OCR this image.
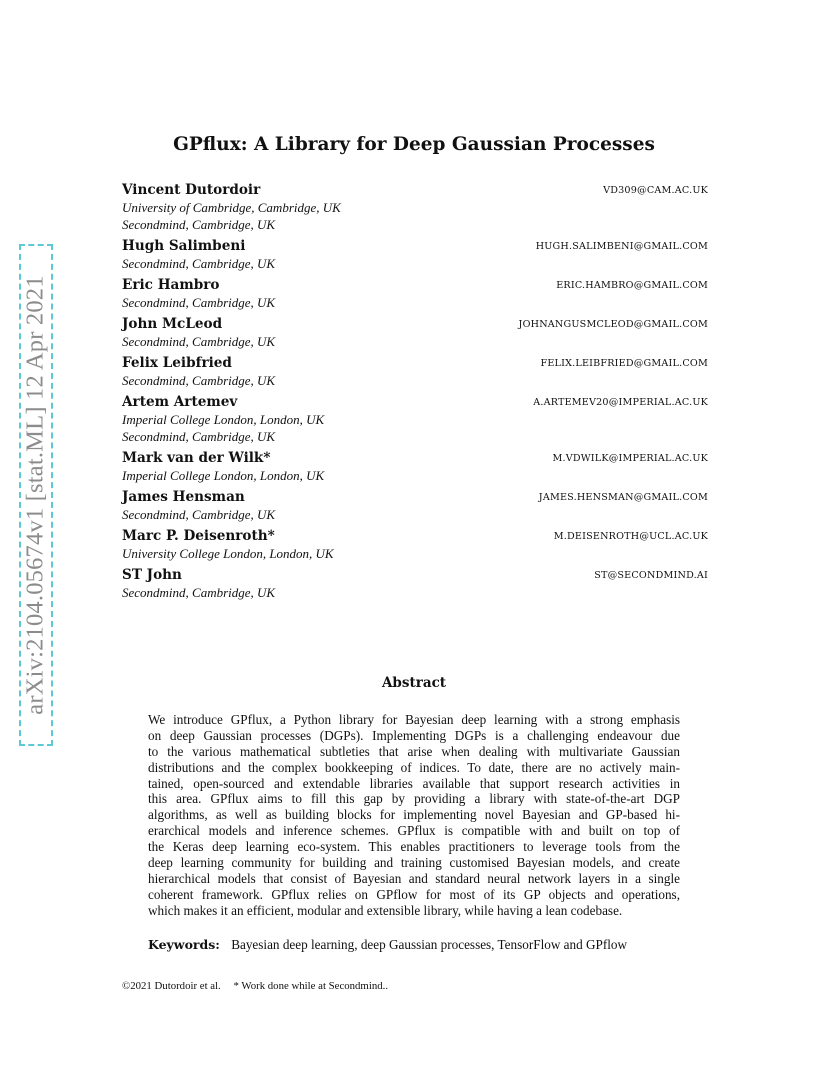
arXiv:2104.05674v1 [stat.ML] 12 Apr 2021
GPflux: A Library for Deep Gaussian Processes
Vincent Dutordoir	VD309@CAM.AC.UK
University of Cambridge, Cambridge, UK
Secondmind, Cambridge, UK
Hugh Salimbeni	HUGH.SALIMBENI@GMAIL.COM
Secondmind, Cambridge, UK
Eric Hambro	ERIC.HAMBRO@GMAIL.COM
Secondmind, Cambridge, UK
John McLeod	JOHNANGUSMCLEOD@GMAIL.COM
Secondmind, Cambridge, UK
Felix Leibfried	FELIX.LEIBFRIED@GMAIL.COM
Secondmind, Cambridge, UK
Artem Artemev	A.ARTEMEV20@IMPERIAL.AC.UK
Imperial College London, London, UK
Secondmind, Cambridge, UK
Mark van der Wilk*	M.VDWILK@IMPERIAL.AC.UK
Imperial College London, London, UK
James Hensman	JAMES.HENSMAN@GMAIL.COM
Secondmind, Cambridge, UK
Marc P. Deisenroth*	M.DEISENROTH@UCL.AC.UK
University College London, London, UK
ST John	ST@SECONDMIND.AI
Secondmind, Cambridge, UK
Abstract
We introduce GPflux, a Python library for Bayesian deep learning with a strong emphasis
on deep Gaussian processes (DGPs). Implementing DGPs is a challenging endeavour due
to the various mathematical subtleties that arise when dealing with multivariate Gaussian
distributions and the complex bookkeeping of indices. To date, there are no actively main-
tained, open-sourced and extendable libraries available that support research activities in
this area. GPflux aims to fill this gap by providing a library with state-of-the-art DGP
algorithms, as well as building blocks for implementing novel Bayesian and GP-based hi-
erarchical models and inference schemes. GPflux is compatible with and built on top of
the Keras deep learning eco-system. This enables practitioners to leverage tools from the
deep learning community for building and training customised Bayesian models, and create
hierarchical models that consist of Bayesian and standard neural network layers in a single
coherent framework. GPflux relies on GPflow for most of its GP objects and operations,
which makes it an efficient, modular and extensible library, while having a lean codebase.
Keywords: Bayesian deep learning, deep Gaussian processes, TensorFlow and GPflow
©2021 Dutordoir et al. * Work done while at Secondmind..
